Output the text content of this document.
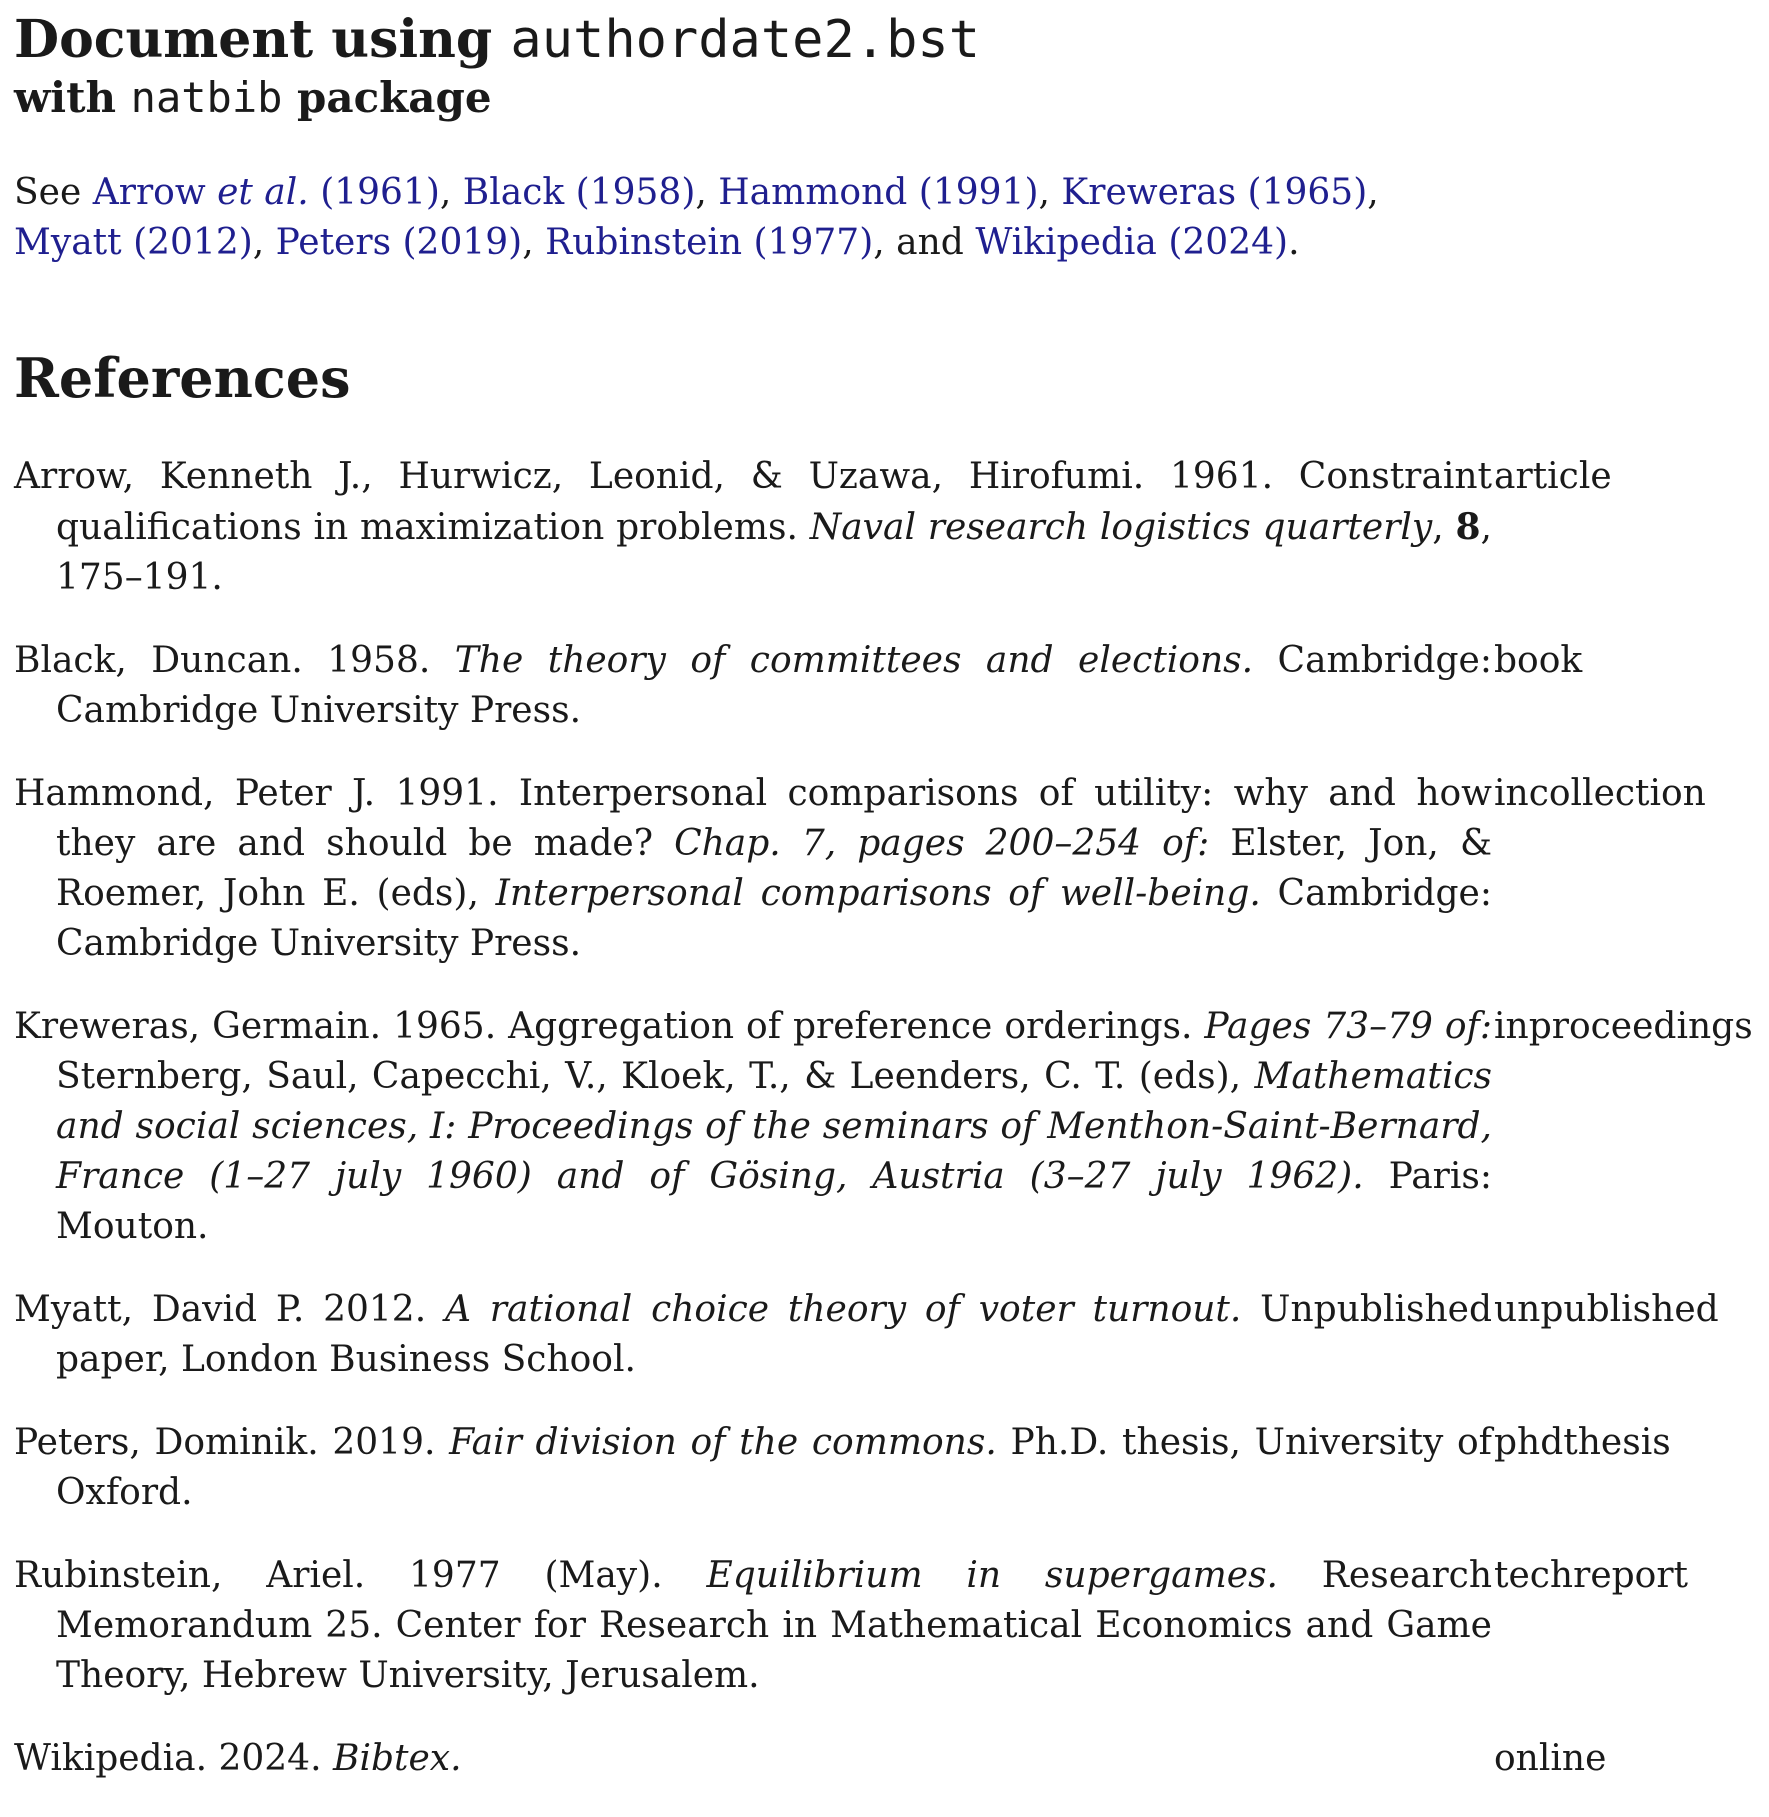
Document using authordate2.bst
with natbib package

See Arrow et al. (1961), Black (1958), Hammond (1991), Kreweras (1965), Myatt (2012), Peters (2019), Rubinstein (1977), and Wikipedia (2024).

References

Arrow, Kenneth J., Hurwicz, Leonid, & Uzawa, Hirofumi. 1961. Constraint qualifications in maximization problems. Naval research logistics quarterly, 8, 175–191.
article

Black, Duncan. 1958. The theory of committees and elections. Cambridge: Cambridge University Press.
book

Hammond, Peter J. 1991. Interpersonal comparisons of utility: why and how they are and should be made? Chap. 7, pages 200–254 of: Elster, Jon, & Roemer, John E. (eds), Interpersonal comparisons of well-being. Cambridge: Cambridge University Press.
incollection

Kreweras, Germain. 1965. Aggregation of preference orderings. Pages 73–79 of: Sternberg, Saul, Capecchi, V., Kloek, T., & Leenders, C. T. (eds), Mathematics and social sciences, I: Proceedings of the seminars of Menthon-Saint-Bernard, France (1–27 july 1960) and of Gösing, Austria (3–27 july 1962). Paris: Mouton.
inproceedings

Myatt, David P. 2012. A rational choice theory of voter turnout. Unpublished paper, London Business School.
unpublished

Peters, Dominik. 2019. Fair division of the commons. Ph.D. thesis, University of Oxford.
phdthesis

Rubinstein, Ariel. 1977 (May). Equilibrium in supergames. Research Memorandum 25. Center for Research in Mathematical Economics and Game Theory, Hebrew University, Jerusalem.
techreport

Wikipedia. 2024. Bibtex.	online
